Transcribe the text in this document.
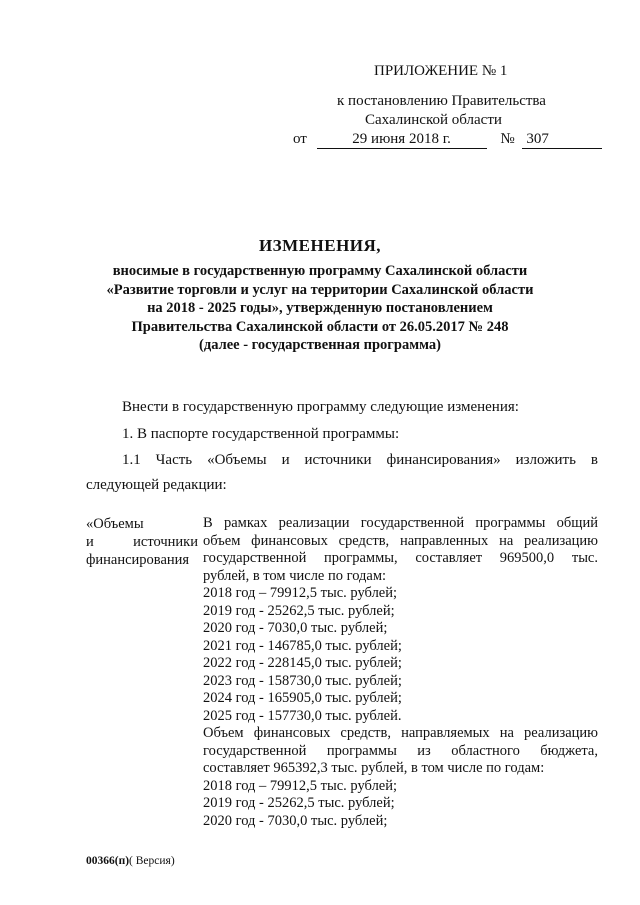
ПРИЛОЖЕНИЕ № 1
к постановлению Правительства
Сахалинской области
от	29 июня 2018 г.	№ 307
ИЗМЕНЕНИЯ,
вносимые в государственную программу Сахалинской области
«Развитие торговли и услуг на территории Сахалинской области
на 2018 - 2025 годы», утвержденную постановлением
Правительства Сахалинской области от 26.05.2017 № 248
(далее - государственная программа)
Внести в государственную программу следующие изменения:
1. В паспорте государственной программы:
1.1 Часть «Объемы и источники финансирования» изложить в
следующей редакции:
«Объемы
и	источники
финансирования
В рамках реализации государственной программы общий
объем финансовых средств, направленных на реализацию
государственной программы, составляет 969500,0 тыс.
рублей, в том числе по годам:
2018 год – 79912,5 тыс. рублей;
2019 год - 25262,5 тыс. рублей;
2020 год - 7030,0 тыс. рублей;
2021 год - 146785,0 тыс. рублей;
2022 год - 228145,0 тыс. рублей;
2023 год - 158730,0 тыс. рублей;
2024 год - 165905,0 тыс. рублей;
2025 год - 157730,0 тыс. рублей.
Объем финансовых средств, направляемых на реализацию
государственной программы из областного бюджета,
составляет 965392,3 тыс. рублей, в том числе по годам:
2018 год – 79912,5 тыс. рублей;
2019 год - 25262,5 тыс. рублей;
2020 год - 7030,0 тыс. рублей;
00366(п)( Версия)
